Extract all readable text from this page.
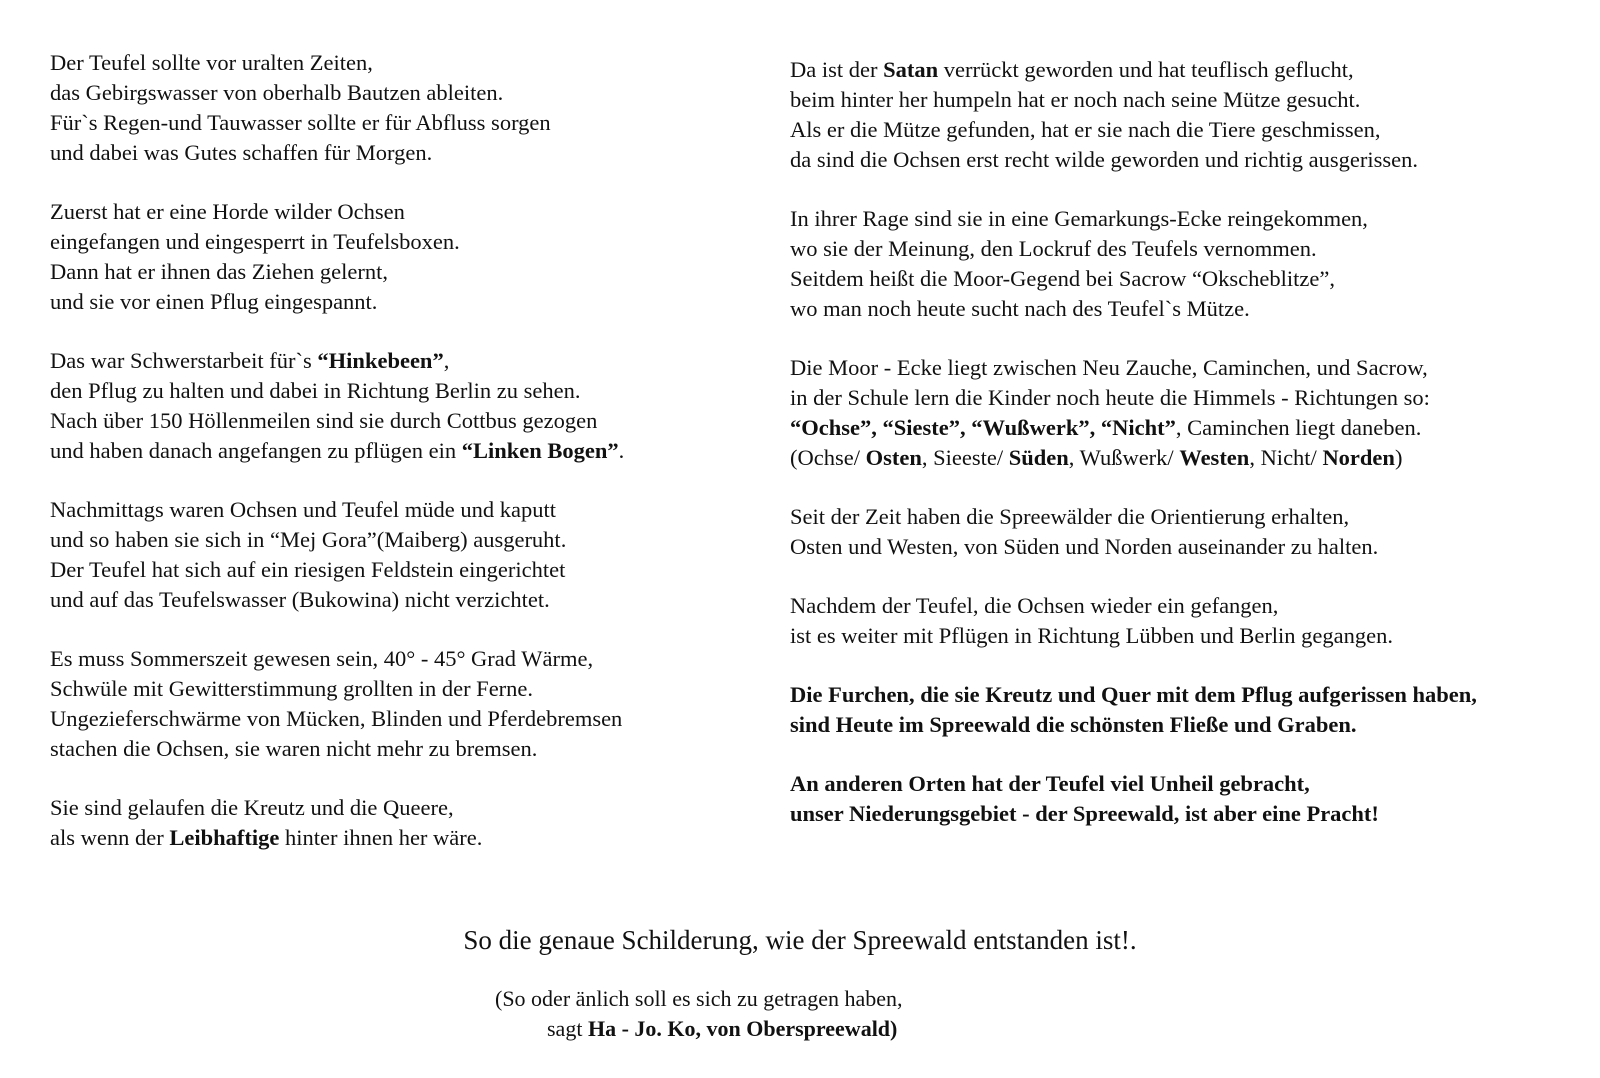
Der Teufel sollte vor uralten Zeiten,
das Gebirgswasser von oberhalb Bautzen ableiten.
Für`s Regen-und Tauwasser sollte er für Abfluss sorgen
und dabei was Gutes schaffen für Morgen.
Zuerst hat er eine Horde wilder Ochsen
eingefangen und eingesperrt in Teufelsboxen.
Dann hat er ihnen das Ziehen gelernt,
und sie vor einen Pflug eingespannt.
Das war Schwerstarbeit für`s “Hinkebeen”,
den Pflug zu halten und dabei in Richtung Berlin zu sehen.
Nach über 150 Höllenmeilen sind sie durch Cottbus gezogen
und haben danach angefangen zu pflügen ein “Linken Bogen”.
Nachmittags waren Ochsen und Teufel müde und kaputt
und so haben sie sich in “Mej Gora”(Maiberg) ausgeruht.
Der Teufel hat sich auf ein riesigen Feldstein eingerichtet
und auf das Teufelswasser (Bukowina) nicht verzichtet.
Es muss Sommerszeit gewesen sein, 40° - 45° Grad Wärme,
Schwüle mit Gewitterstimmung grollten in der Ferne.
Ungezieferschwärme von Mücken, Blinden und Pferdebremsen
stachen die Ochsen, sie waren nicht mehr zu bremsen.
Sie sind gelaufen die Kreutz und die Queere,
als wenn der Leibhaftige hinter ihnen her wäre.
Da ist der Satan verrückt geworden und hat teuflisch geflucht,
beim hinter her humpeln hat er noch nach seine Mütze gesucht.
Als er die Mütze gefunden, hat er sie nach die Tiere geschmissen,
da sind die Ochsen erst recht wilde geworden und richtig ausgerissen.
In ihrer Rage sind sie in eine Gemarkungs-Ecke reingekommen,
wo sie der Meinung, den Lockruf des Teufels vernommen.
Seitdem heißt die Moor-Gegend bei Sacrow “Okscheblitze”,
wo man noch heute sucht nach des Teufel`s Mütze.
Die Moor - Ecke liegt zwischen Neu Zauche, Caminchen, und Sacrow,
in der Schule lern die Kinder noch heute die Himmels - Richtungen so:
“Ochse”, “Sieste”, “Wußwerk”, “Nicht”, Caminchen liegt daneben.
(Ochse/ Osten, Sieeste/ Süden, Wußwerk/ Westen, Nicht/ Norden)
Seit der Zeit haben die Spreewälder die Orientierung erhalten,
Osten und Westen, von Süden und Norden auseinander zu halten.
Nachdem der Teufel, die Ochsen wieder ein gefangen,
ist es weiter mit Pflügen in Richtung Lübben und Berlin gegangen.
Die Furchen, die sie Kreutz und Quer mit dem Pflug aufgerissen haben,
sind Heute im Spreewald die schönsten Fließe und Graben.
An anderen Orten hat der Teufel viel Unheil gebracht,
unser Niederungsgebiet - der Spreewald, ist aber eine Pracht!
So die genaue Schilderung, wie der Spreewald entstanden ist!.
(So oder änlich soll es sich zu getragen haben,
sagt Ha - Jo. Ko, von Oberspreewald)
